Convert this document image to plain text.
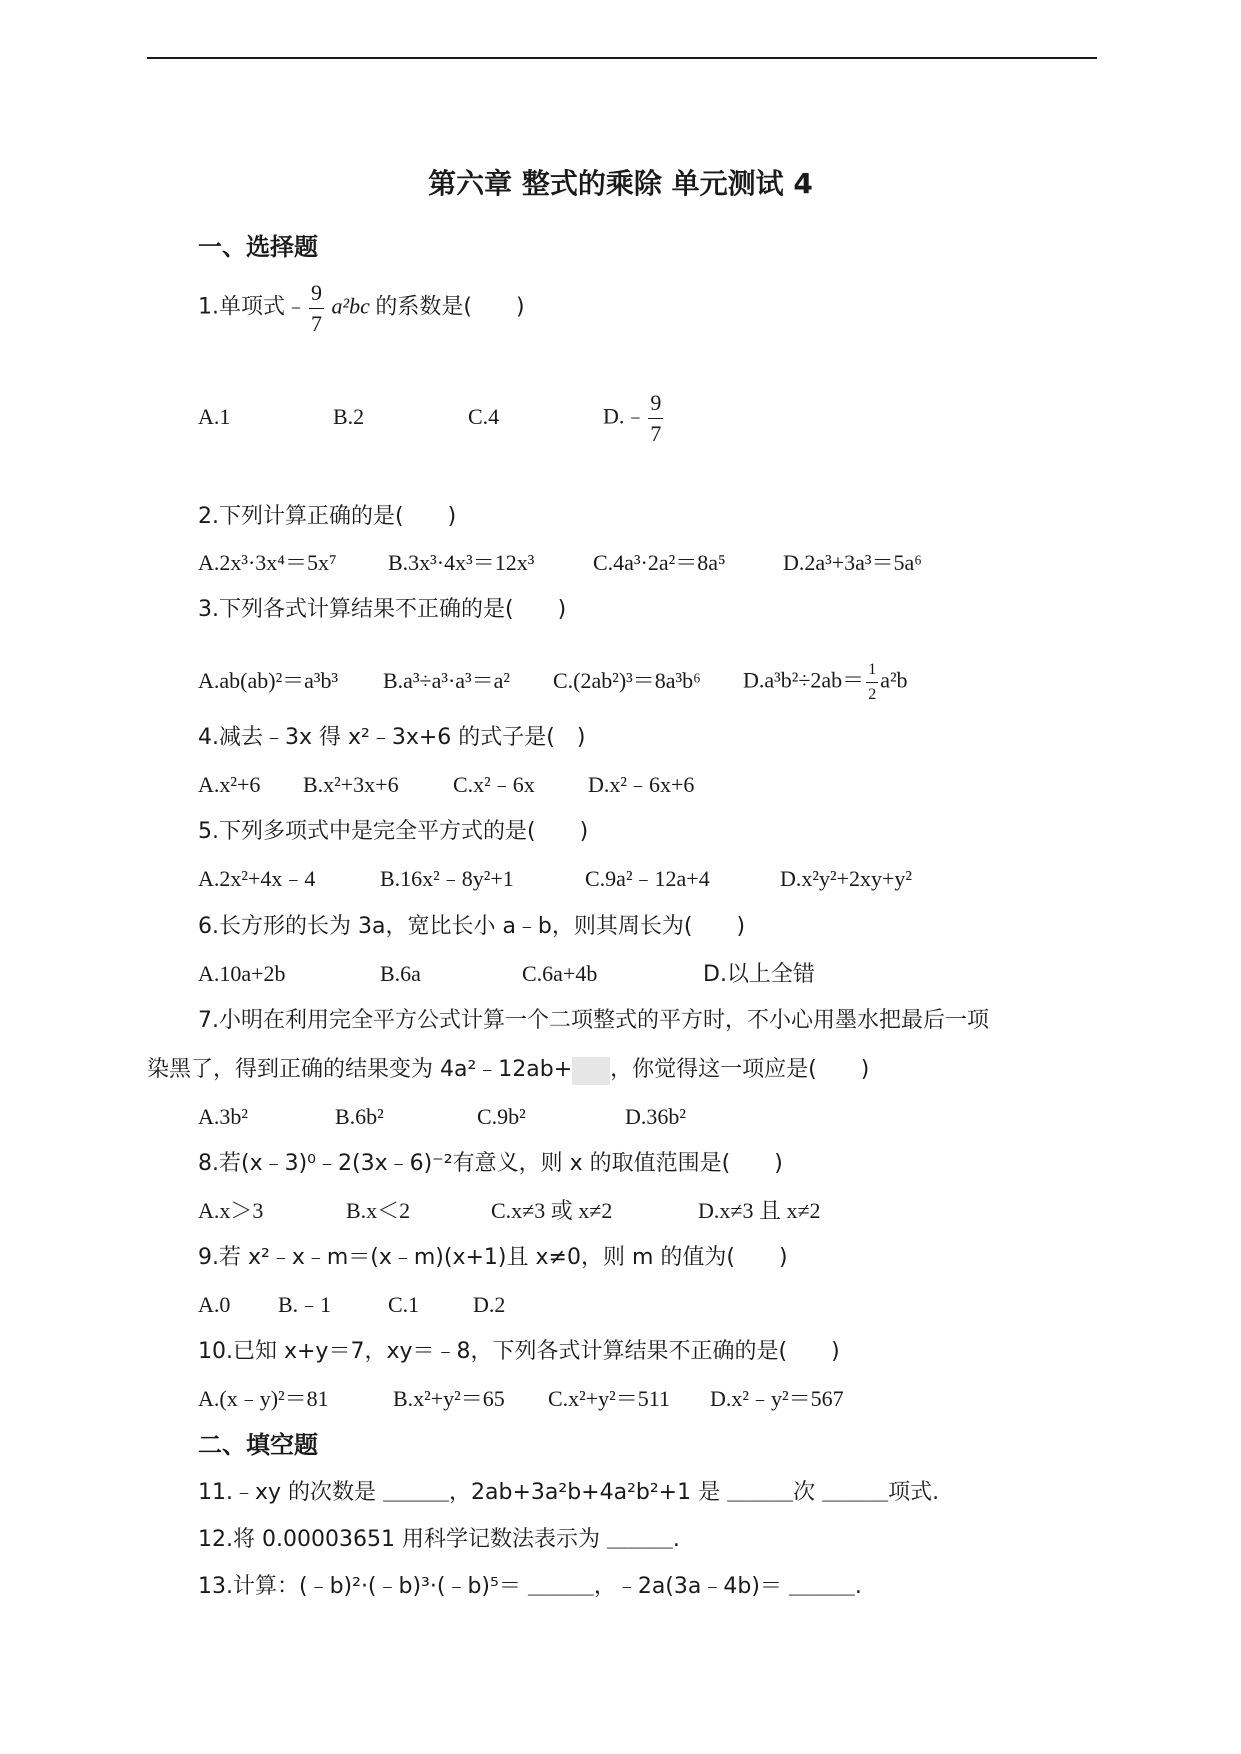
第六章 整式的乘除 单元测试 4
一、选择题
1.单项式﹣ $\frac{9}{7} a^2bc$ 的系数是(　　)
A.1	B.2	C.4	D.﹣ $\frac{9}{7}$
2.下列计算正确的是(　　)
A.2x³·3x⁴＝5x⁷ B.3x³·4x³＝12x³	C.4a³·2a²＝8a⁵	D.2a³+3a³＝5a⁶
3.下列各式计算结果不正确的是(　　)
A.ab(ab)²＝a³b³ B.a³÷a³·a³＝a² C.(2ab²)³＝8a³b⁶ $D.a^3b^2\div 2ab= \frac{1}{2} a^2b$
4.减去﹣3x 得 x²﹣3x+6 的式子是(　)
A.x²+6 B.x²+3x+6 C.x²﹣6x D.x²﹣6x+6
5.下列多项式中是完全平方式的是(　　)
A.2x²+4x﹣4	B.16x²﹣8y²+1	C.9a²﹣12a+4	D.x²y²+2xy+y²
6.长方形的长为 3a，宽比长小 a﹣b，则其周长为(　　)
A.10a+2b	B.6a	C.6a+4b	D.以上全错
7.小明在利用完全平方公式计算一个二项整式的平方时，不小心用墨水把最后一项
染黑了，得到正确的结果变为 4a²﹣12ab+ ，你觉得这一项应是(　　)
A.3b²	B.6b²	C.9b²	D.36b²
8.若(x﹣3)⁰﹣2(3x﹣6)⁻²有意义，则 x 的取值范围是(　　)
A.x＞3	B.x＜2	C.x≠3 或 x≠2	D.x≠3 且 x≠2
9.若 x²﹣x﹣m＝(x﹣m)(x+1)且 x≠0，则 m 的值为(　　)
A.0 B.﹣1	C.1 D.2
10.已知 x+y＝7，xy＝﹣8，下列各式计算结果不正确的是(　　)
A.(x﹣y)²＝81	B.x²+y²＝65 C.x²+y²＝511 D.x²﹣y²＝567
二、填空题
11.﹣xy 的次数是 ＿＿＿，2ab+3a²b+4a²b²+1 是 ＿＿＿次 ＿＿＿项式.
12.将 0.00003651 用科学记数法表示为 ＿＿＿.
13.计算：(﹣b)²·(﹣b)³·(﹣b)⁵＝ ＿＿＿，﹣2a(3a﹣4b)＝ ＿＿＿.
